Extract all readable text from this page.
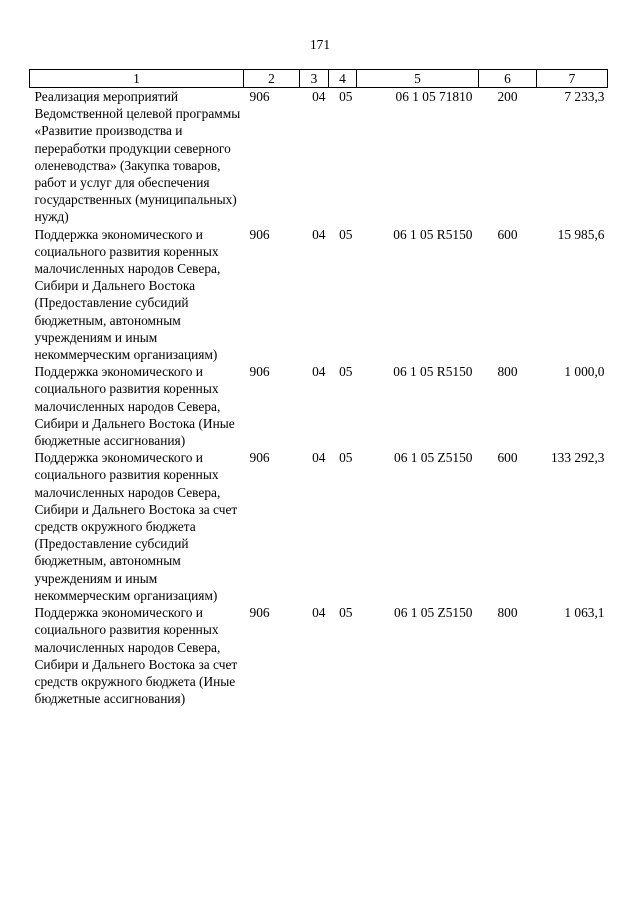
171
1	2	3	4	5	6	7
Реализация мероприятий Ведомственной целевой программы «Развитие производства и переработки продукции северного оленеводства» (Закупка товаров, работ и услуг для обеспечения государственных (муниципальных) нужд)	906	04	05	06 1 05 71810	200	7 233,3
Поддержка экономического и социального развития коренных малочисленных народов Севера, Сибири и Дальнего Востока (Предоставление субсидий бюджетным, автономным учреждениям и иным некоммерческим организациям)	906	04	05	06 1 05 R5150	600	15 985,6
Поддержка экономического и социального развития коренных малочисленных народов Севера, Сибири и Дальнего Востока (Иные бюджетные ассигнования)	906	04	05	06 1 05 R5150	800	1 000,0
Поддержка экономического и социального развития коренных малочисленных народов Севера, Сибири и Дальнего Востока за счет средств окружного бюджета (Предоставление субсидий бюджетным, автономным учреждениям и иным некоммерческим организациям)	906	04	05	06 1 05 Z5150	600	133 292,3
Поддержка экономического и социального развития коренных малочисленных народов Севера, Сибири и Дальнего Востока за счет средств окружного бюджета (Иные бюджетные ассигнования)	906	04	05	06 1 05 Z5150	800	1 063,1
